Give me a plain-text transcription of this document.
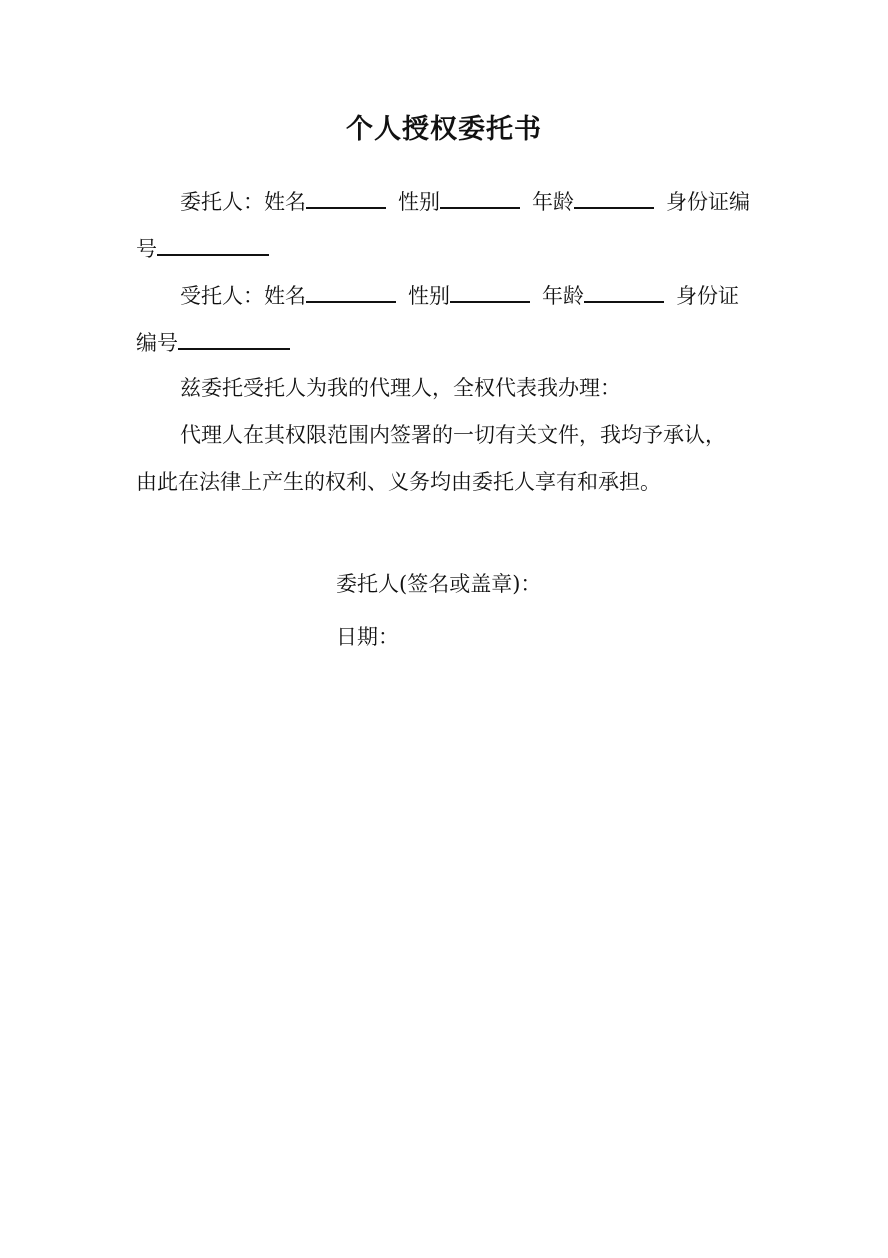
个人授权委托书
委托人：姓名	性别	年龄	身份证编
号
受托人：姓名	性别	年龄	身份证
编号
兹委托受托人为我的代理人，全权代表我办理：
代理人在其权限范围内签署的一切有关文件，我均予承认，
由此在法律上产生的权利、义务均由委托人享有和承担。
委托人(签名或盖章)：
日期：
